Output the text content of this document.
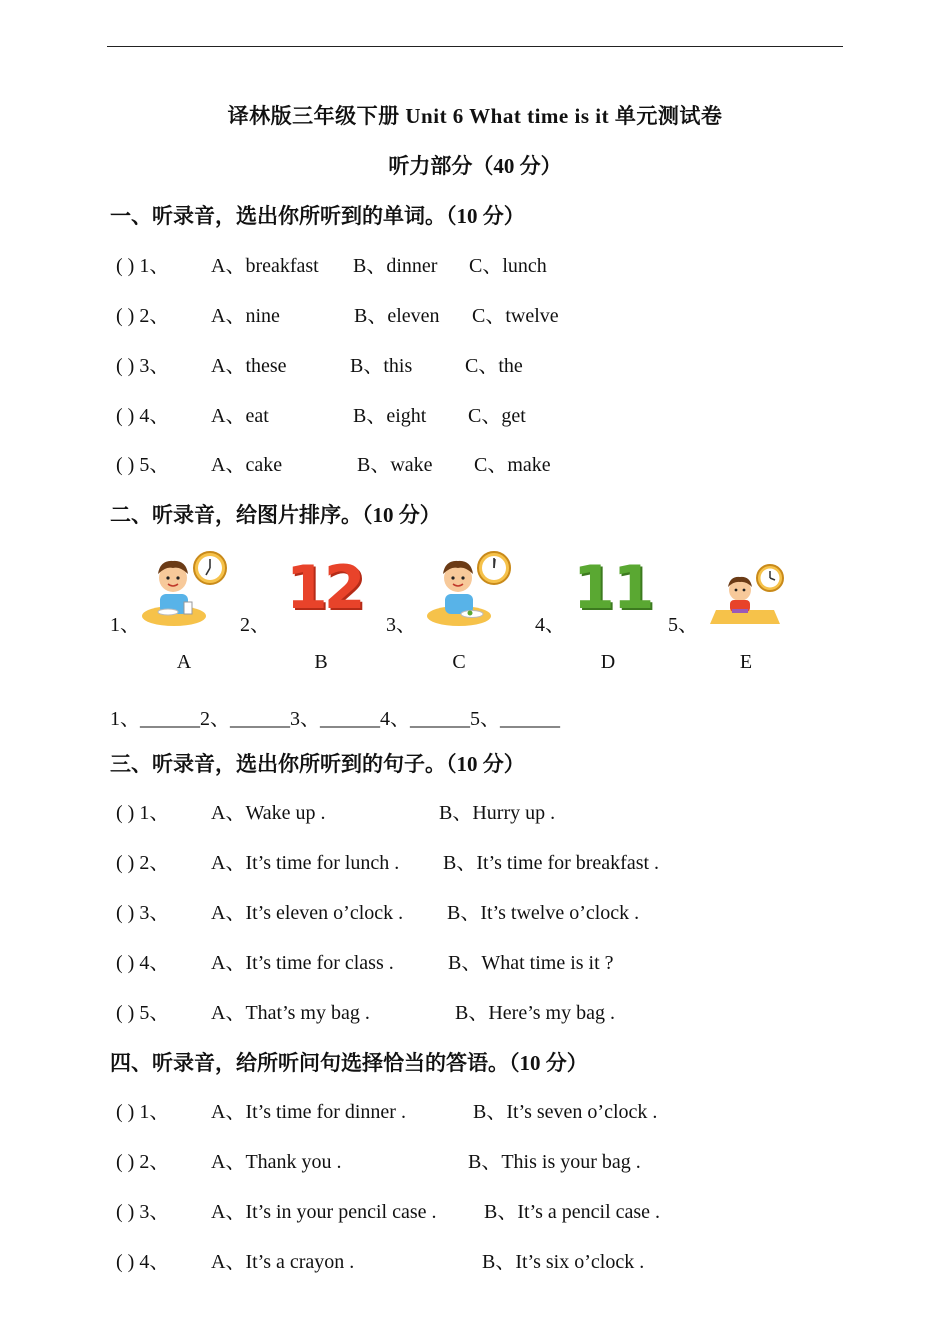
译林版三年级下册 Unit 6 What time is it 单元测试卷
听力部分（40 分）
一、听录音，选出你所听到的单词。（10 分）
( ) 1、 A、breakfast B、dinner C、lunch
( ) 2、 A、nine	B、eleven C、twelve
( ) 3、 A、these	B、this	C、the
( ) 4、 A、eat	B、eight C、get
( ) 5、 A、cake	B、wake C、make
二、听录音，给图片排序。（10 分）
1、
A
2、
12
B
3、
C
4、
11
D
5、
E
1、______2、______3、______4、______5、______
三、听录音，选出你所听到的句子。（10 分）
( ) 1、 A、Wake up .	B、Hurry up .
( ) 2、 A、It’s time for lunch . B、It’s time for breakfast .
( ) 3、 A、It’s eleven o’clock . B、It’s twelve o’clock .
( ) 4、 A、It’s time for class .	B、What time is it ?
( ) 5、 A、That’s my bag .	B、Here’s my bag .
四、听录音，给所听问句选择恰当的答语。（10 分）
( ) 1、 A、It’s time for dinner .	B、It’s seven o’clock .
( ) 2、 A、Thank you .	B、This is your bag .
( ) 3、 A、It’s in your pencil case . B、It’s a pencil case .
( ) 4、 A、It’s a crayon .	B、It’s six o’clock .
